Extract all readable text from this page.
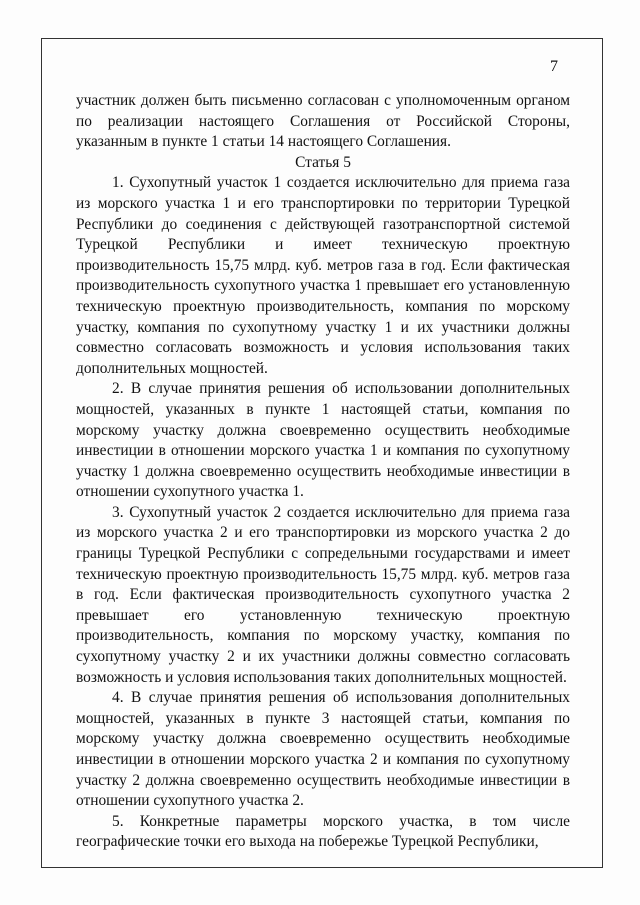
7

участник должен быть письменно согласован с уполномоченным органом по реализации настоящего Соглашения от Российской Стороны, указанным в пункте 1 статьи 14 настоящего Соглашения.

Статья 5

1. Сухопутный участок 1 создается исключительно для приема газа из морского участка 1 и его транспортировки по территории Турецкой Республики до соединения с действующей газотранспортной системой Турецкой Республики и имеет техническую проектную производительность 15,75 млрд. куб. метров газа в год. Если фактическая производительность сухопутного участка 1 превышает его установленную техническую проектную производительность, компания по морскому участку, компания по сухопутному участку 1 и их участники должны совместно согласовать возможность и условия использования таких дополнительных мощностей.

2. В случае принятия решения об использовании дополнительных мощностей, указанных в пункте 1 настоящей статьи, компания по морскому участку должна своевременно осуществить необходимые инвестиции в отношении морского участка 1 и компания по сухопутному участку 1 должна своевременно осуществить необходимые инвестиции в отношении сухопутного участка 1.

3. Сухопутный участок 2 создается исключительно для приема газа из морского участка 2 и его транспортировки из морского участка 2 до границы Турецкой Республики с сопредельными государствами и имеет техническую проектную производительность 15,75 млрд. куб. метров газа в год. Если фактическая производительность сухопутного участка 2 превышает его установленную техническую проектную производительность, компания по морскому участку, компания по сухопутному участку 2 и их участники должны совместно согласовать возможность и условия использования таких дополнительных мощностей.

4. В случае принятия решения об использования дополнительных мощностей, указанных в пункте 3 настоящей статьи, компания по морскому участку должна своевременно осуществить необходимые инвестиции в отношении морского участка 2 и компания по сухопутному участку 2 должна своевременно осуществить необходимые инвестиции в отношении сухопутного участка 2.

5. Конкретные параметры морского участка, в том числе географические точки его выхода на побережье Турецкой Республики,
